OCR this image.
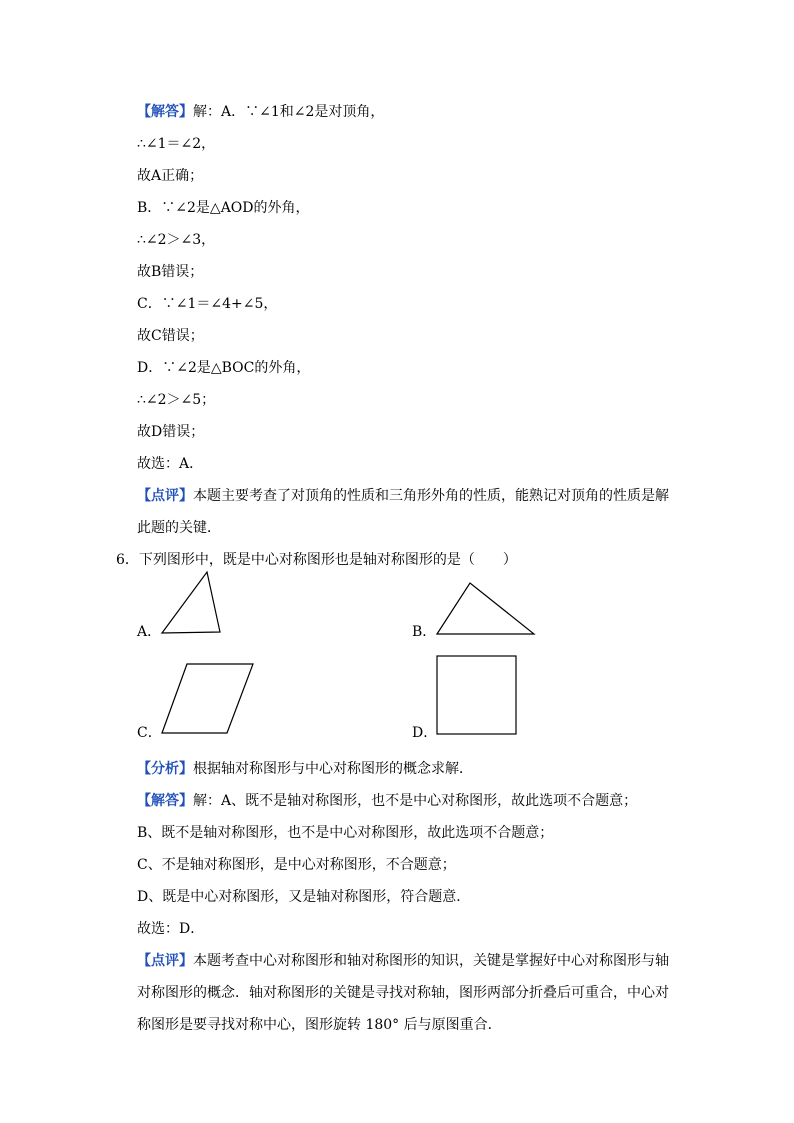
【解答】解：A．∵∠1和∠2是对顶角，
∴∠1＝∠2，
故A正确；
B．∵∠2是△AOD的外角，
∴∠2＞∠3，
故B错误；
C．∵∠1＝∠4+∠5，
故C错误；
D．∵∠2是△BOC的外角，
∴∠2＞∠5；
故D错误；
故选：A．
【点评】本题主要考查了对顶角的性质和三角形外角的性质，能熟记对顶角的性质是解
此题的关键．
6．下列图形中，既是中心对称图形也是轴对称图形的是（　　）
A．	B．
C．	D．
【分析】根据轴对称图形与中心对称图形的概念求解．
【解答】解：A、既不是轴对称图形，也不是中心对称图形，故此选项不合题意；
B、既不是轴对称图形，也不是中心对称图形，故此选项不合题意；
C、不是轴对称图形，是中心对称图形，不合题意；
D、既是中心对称图形，又是轴对称图形，符合题意．
故选：D．
【点评】本题考查中心对称图形和轴对称图形的知识，关键是掌握好中心对称图形与轴
对称图形的概念．轴对称图形的关键是寻找对称轴，图形两部分折叠后可重合，中心对
称图形是要寻找对称中心，图形旋转 180° 后与原图重合．
